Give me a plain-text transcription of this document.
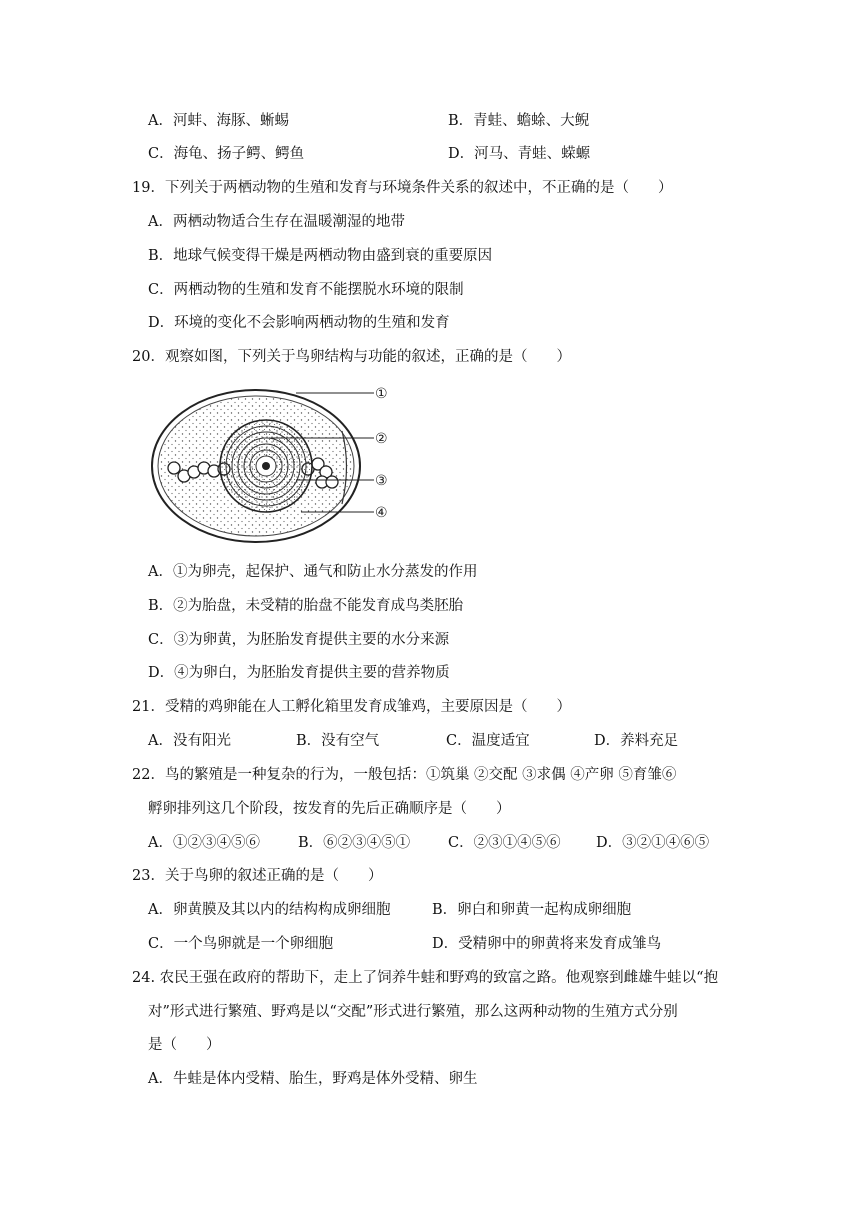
A．河蚌、海豚、蜥蜴	B．青蛙、蟾蜍、大鲵
C．海龟、扬子鳄、鳄鱼	D．河马、青蛙、蝾螈
19．下列关于两栖动物的生殖和发育与环境条件关系的叙述中，不正确的是（　　）
A．两栖动物适合生存在温暖潮湿的地带
B．地球气候变得干燥是两栖动物由盛到衰的重要原因
C．两栖动物的生殖和发育不能摆脱水环境的限制
D．环境的变化不会影响两栖动物的生殖和发育
20．观察如图，下列关于鸟卵结构与功能的叙述，正确的是（　　）
①
②
③
④
A．①为卵壳，起保护、通气和防止水分蒸发的作用
B．②为胎盘，未受精的胎盘不能发育成鸟类胚胎
C．③为卵黄，为胚胎发育提供主要的水分来源
D．④为卵白，为胚胎发育提供主要的营养物质
21．受精的鸡卵能在人工孵化箱里发育成雏鸡，主要原因是（　　）
A．没有阳光	B．没有空气	C．温度适宜	D．养料充足
22．鸟的繁殖是一种复杂的行为，一般包括：①筑巢 ②交配 ③求偶 ④产卵 ⑤育雏⑥
孵卵排列这几个阶段，按发育的先后正确顺序是（　　）
A．①②③④⑤⑥	B．⑥②③④⑤①	C．②③①④⑤⑥ D．③②①④⑥⑤
23．关于鸟卵的叙述正确的是（　　）
A．卵黄膜及其以内的结构构成卵细胞	B．卵白和卵黄一起构成卵细胞
C．一个鸟卵就是一个卵细胞	D．受精卵中的卵黄将来发育成雏鸟
24. 农民王强在政府的帮助下，走上了饲养牛蛙和野鸡的致富之路。他观察到雌雄牛蛙以“抱
对”形式进行繁殖、野鸡是以“交配”形式进行繁殖，那么这两种动物的生殖方式分别
是（　　）
A．牛蛙是体内受精、胎生，野鸡是体外受精、卵生
